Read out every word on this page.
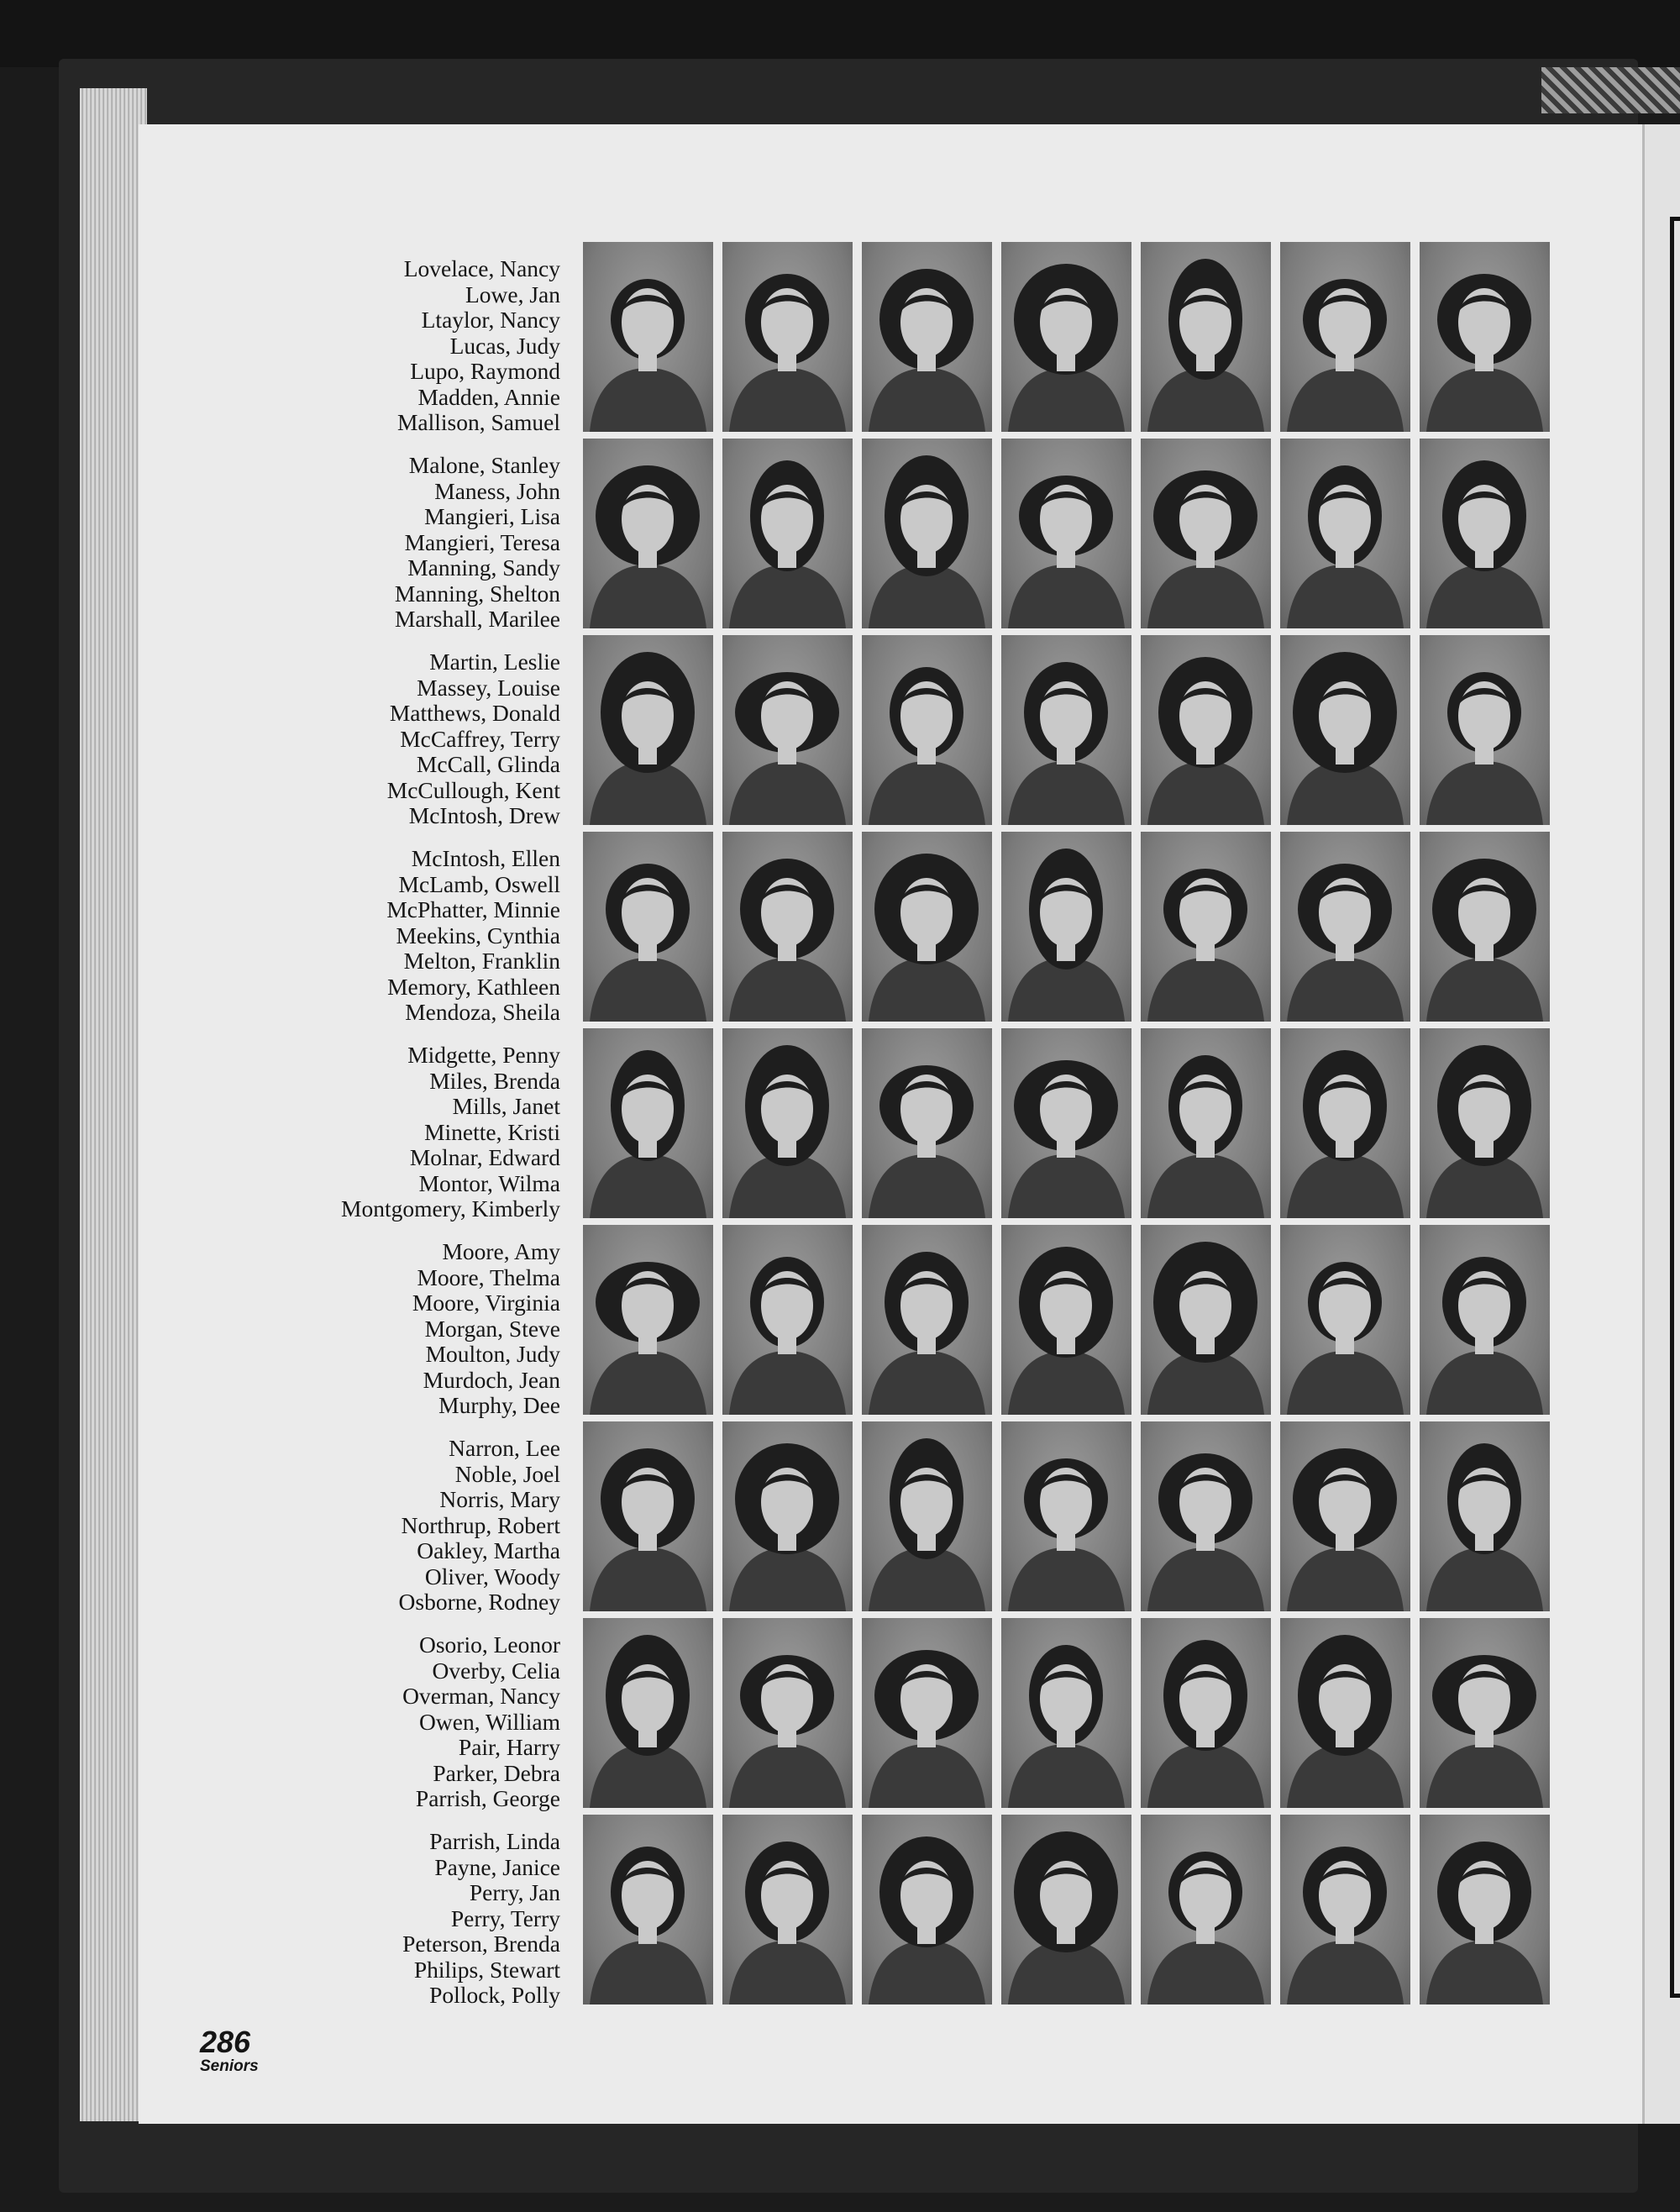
Lovelace, Nancy
Lowe, Jan
Ltaylor, Nancy
Lucas, Judy
Lupo, Raymond
Madden, Annie
Mallison, Samuel
Malone, Stanley
Maness, John
Mangieri, Lisa
Mangieri, Teresa
Manning, Sandy
Manning, Shelton
Marshall, Marilee
Martin, Leslie
Massey, Louise
Matthews, Donald
McCaffrey, Terry
McCall, Glinda
McCullough, Kent
McIntosh, Drew
McIntosh, Ellen
McLamb, Oswell
McPhatter, Minnie
Meekins, Cynthia
Melton, Franklin
Memory, Kathleen
Mendoza, Sheila
Midgette, Penny
Miles, Brenda
Mills, Janet
Minette, Kristi
Molnar, Edward
Montor, Wilma
Montgomery, Kimberly
Moore, Amy
Moore, Thelma
Moore, Virginia
Morgan, Steve
Moulton, Judy
Murdoch, Jean
Murphy, Dee
Narron, Lee
Noble, Joel
Norris, Mary
Northrup, Robert
Oakley, Martha
Oliver, Woody
Osborne, Rodney
Osorio, Leonor
Overby, Celia
Overman, Nancy
Owen, William
Pair, Harry
Parker, Debra
Parrish, George
Parrish, Linda
Payne, Janice
Perry, Jan
Perry, Terry
Peterson, Brenda
Philips, Stewart
Pollock, Polly
286
Seniors
